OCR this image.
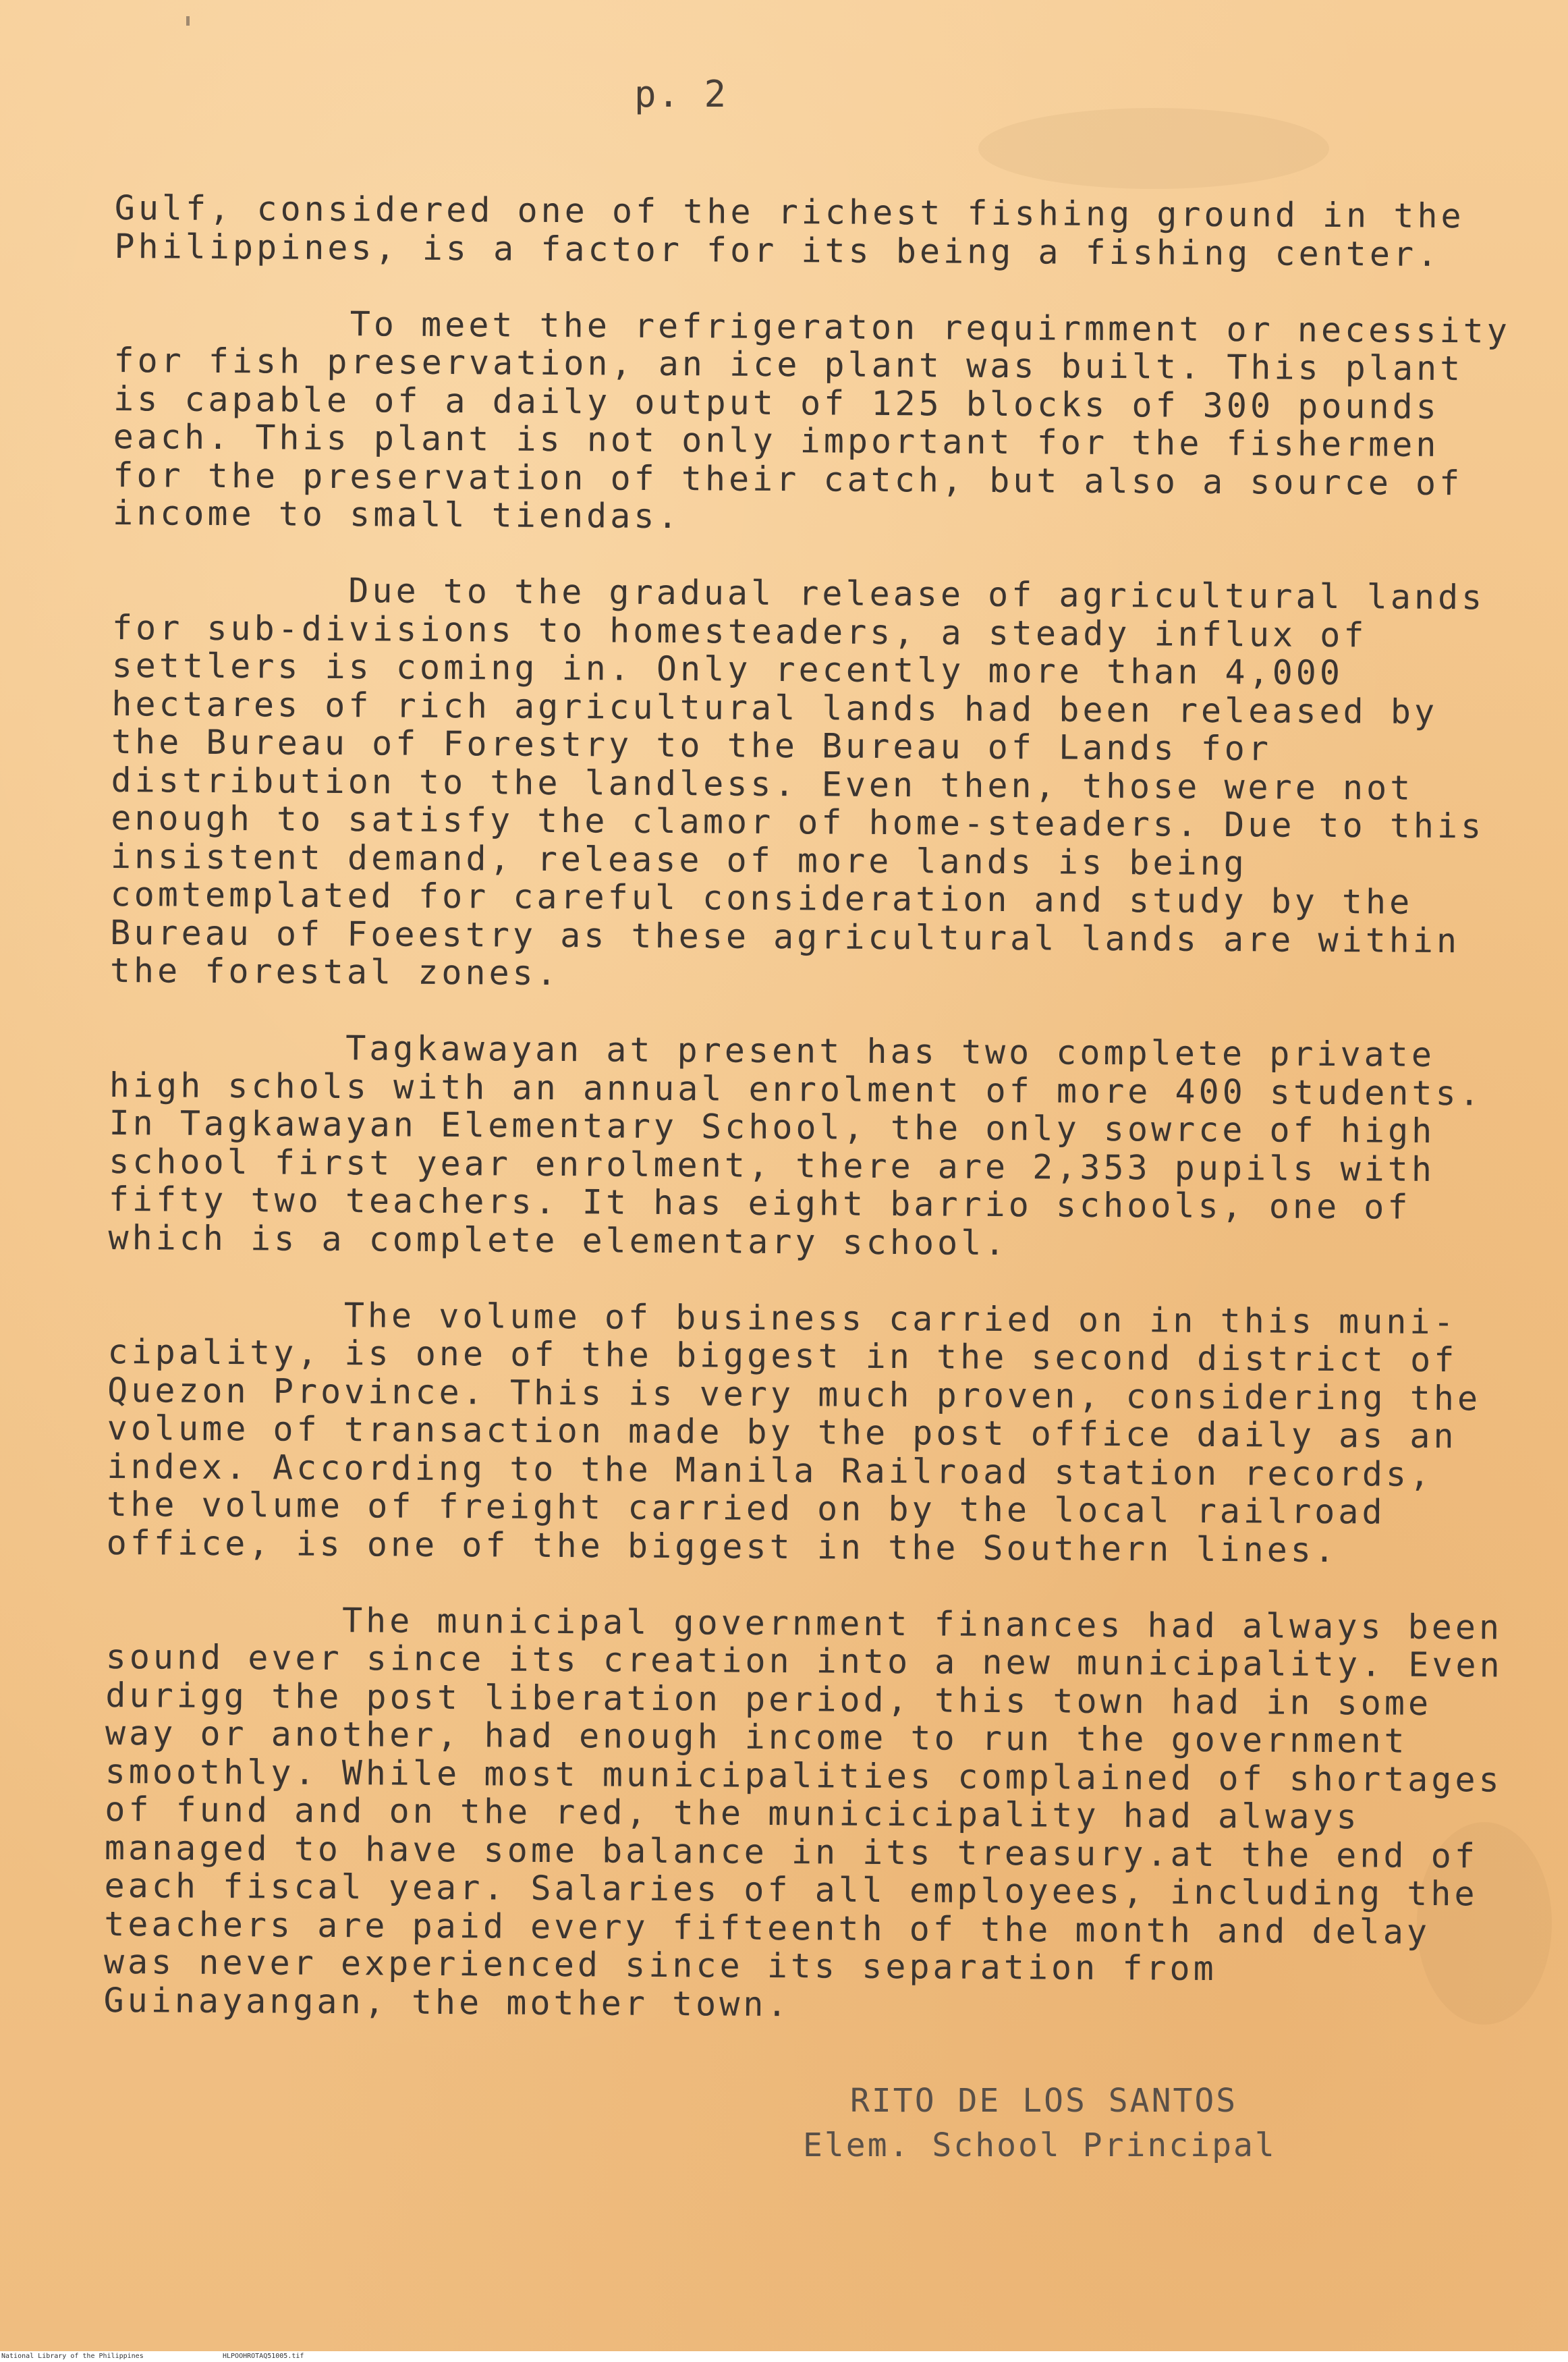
p. 2

Gulf, considered one of the richest fishing ground in the Philippines, is a factor for its being a fishing center.

To meet the refrigeraton requirmment or necessity for fish preservation, an ice plant was built. This plant is capable of a daily output of 125 blocks of 300 pounds each. This plant is not only important for the fishermen for the preservation of their catch, but also a source of income to small tiendas.

Due to the gradual release of agricultural lands for sub-divisions to homesteaders, a steady influx of settlers is coming in. Only recently more than 4,000 hectares of rich agricultural lands had been released by the Bureau of Forestry to the Bureau of Lands for distribution to the landless. Even then, those were not enough to satisfy the clamor of home-steaders. Due to this insistent demand, release of more lands is being comtemplated for careful consideration and study by the Bureau of Foeestry as these agricultural lands are within the forestal zones.

Tagkawayan at present has two complete private high schols with an annual enrolment of more 400 students. In Tagkawayan Elementary School, the only sowrce of high school first year enrolment, there are 2,353 pupils with fifty two teachers. It has eight barrio schools, one of which is a complete elementary school.

The volume of business carried on in this muni-cipality, is one of the biggest in the second district of Quezon Province. This is very much proven, considering the volume of transaction made by the post office daily as an index. According to the Manila Railroad station records, the volume of freight carried on by the local railroad office, is one of the biggest in the Southern lines.

The municipal government finances had always been sound ever since its creation into a new municipality. Even durigg the post liberation period, this town had in some way or another, had enough income to run the government smoothly. While most municipalities complained of shortages of fund and on the red, the municicipality had always managed to have some balance in its treasury.at the end of each fiscal year. Salaries of all employees, including the teachers are paid every fifteenth of the month and delay was never experienced since its separation from Guinayangan, the mother town.

RITO DE LOS SANTOS
Elem. School Principal
National Library of the Philippines	HLPOOHROTAQ51005.tif
